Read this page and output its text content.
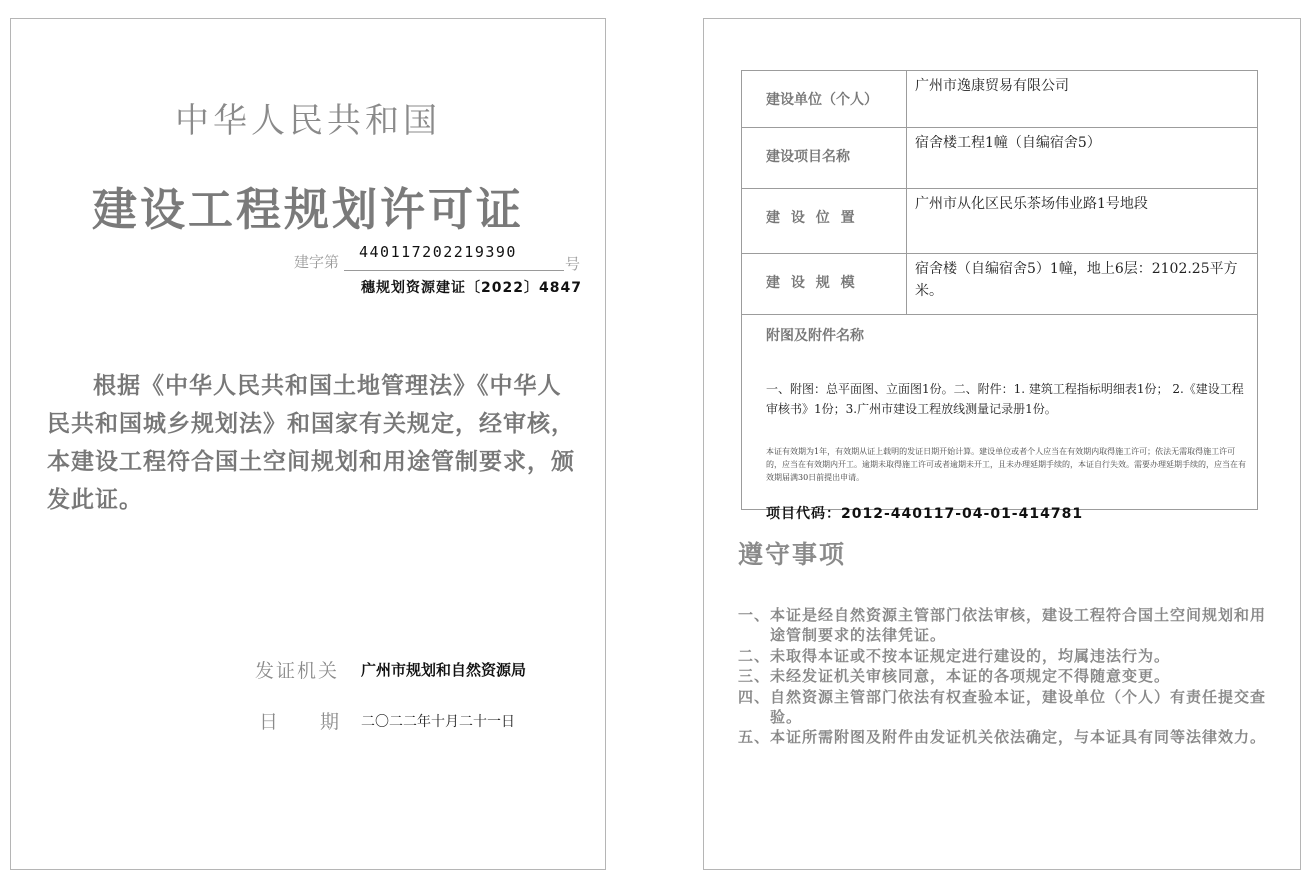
中华人民共和国
建设工程规划许可证
建字第
440117202219390
号
穗规划资源建证〔2022〕4847
根据《中华人民共和国土地管理法》《中华人民共和国城乡规划法》和国家有关规定，经审核，本建设工程符合国土空间规划和用途管制要求，颁发此证。
发证机关 广州市规划和自然资源局
日 期 二〇二二年十月二十一日
建设单位（个人）	广州市逸康贸易有限公司
建设项目名称	宿舍楼工程1幢（自编宿舍5）
建 设 位 置	广州市从化区民乐茶场伟业路1号地段
建 设 规 模	宿舍楼（自编宿舍5）1幢，地上6层：2102.25平方米。

附图及附件名称
一、附图：总平面图、立面图1份。二、附件：1. 建筑工程指标明细表1份； 2.《建设工程审核书》1份；3.广州市建设工程放线测量记录册1份。
本证有效期为1年，有效期从证上载明的发证日期开始计算。建设单位或者个人应当在有效期内取得施工许可；依法无需取得施工许可的，应当在有效期内开工。逾期未取得施工许可或者逾期未开工，且未办理延期手续的，本证自行失效。需要办理延期手续的，应当在有效期届满30日前提出申请。	
项目代码：2012-440117-04-01-414781
遵守事项
一、 本证是经自然资源主管部门依法审核，建设工程符合国土空间规划和用途管制要求的法律凭证。
二、 未取得本证或不按本证规定进行建设的，均属违法行为。
三、 未经发证机关审核同意，本证的各项规定不得随意变更。
四、 自然资源主管部门依法有权查验本证，建设单位（个人）有责任提交查验。
五、 本证所需附图及附件由发证机关依法确定，与本证具有同等法律效力。
